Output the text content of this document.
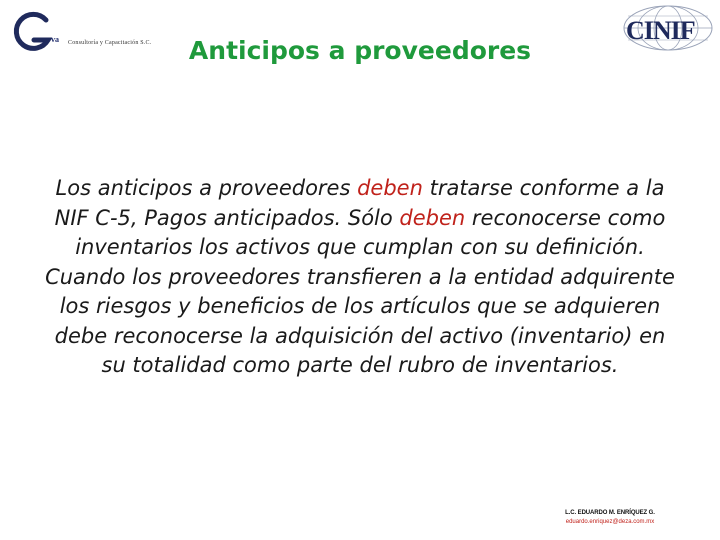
va Consultoría y Capacitación S.C.	CINIF
Anticipos a proveedores

Los anticipos a proveedores deben tratarse conforme a la NIF C-5, Pagos anticipados. Sólo deben reconocerse como inventarios los activos que cumplan con su definición.

Cuando los proveedores transfieren a la entidad adquirente los riesgos y beneficios de los artículos que se adquieren debe reconocerse la adquisición del activo (inventario) en su totalidad como parte del rubro de inventarios.

L.C. EDUARDO M. ENRÍQUEZ G.
eduardo.enriquez@deza.com.mx
